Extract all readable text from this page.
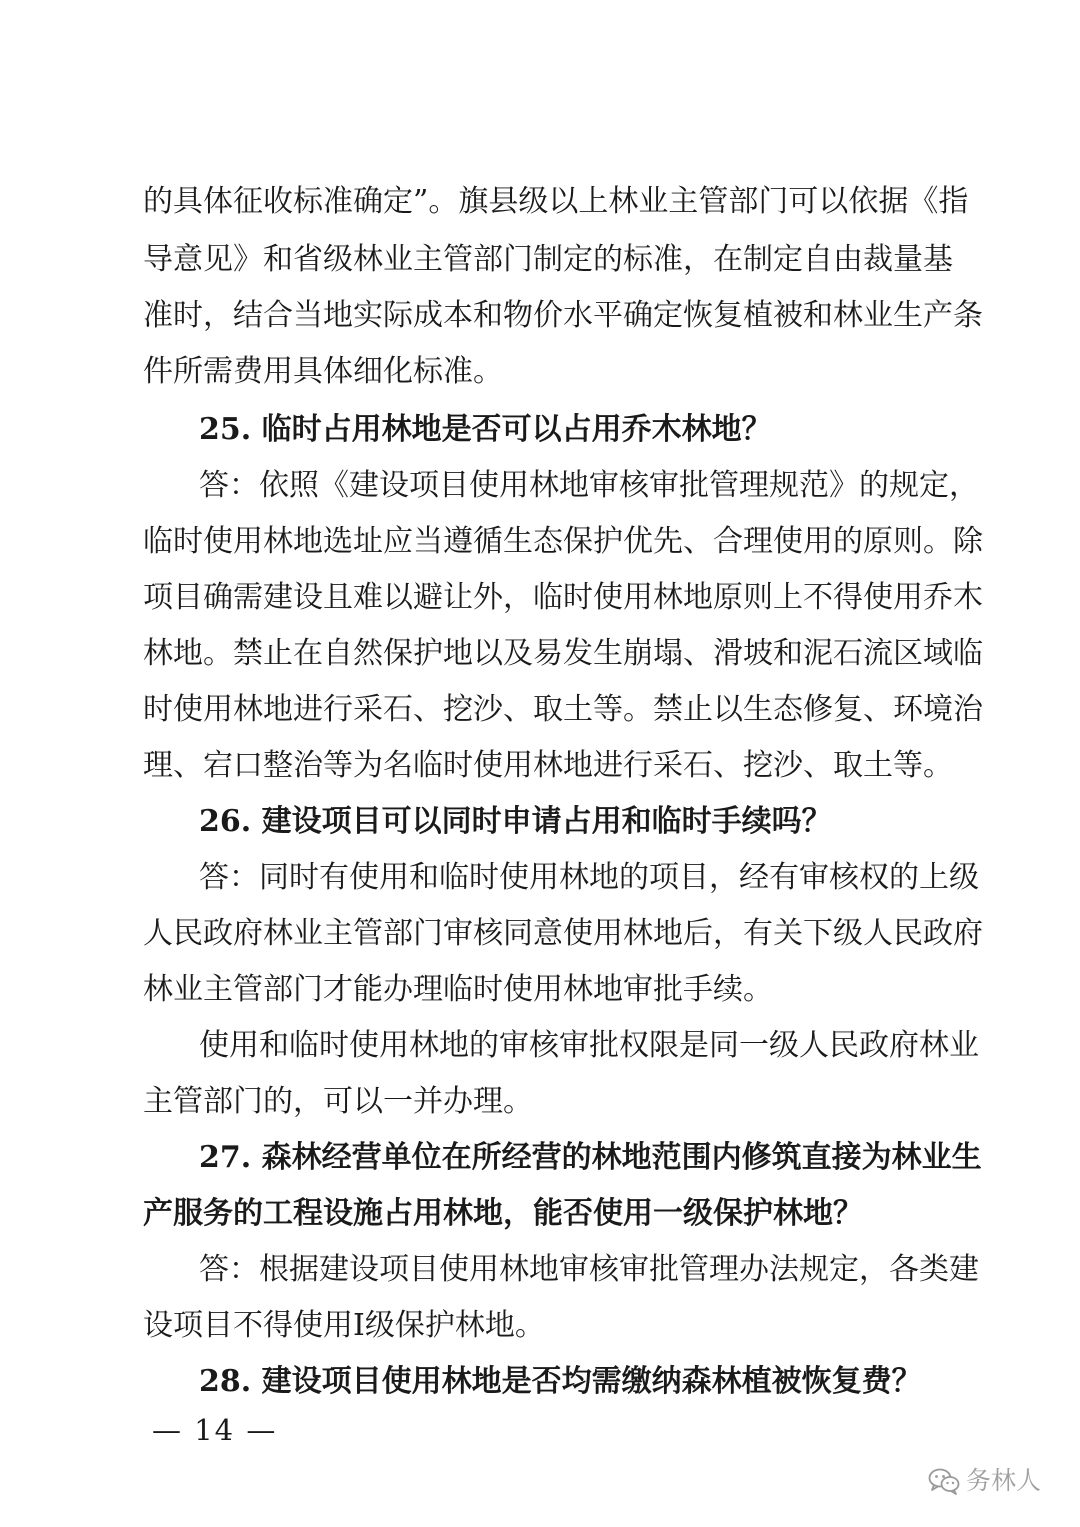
的具体征收标准确定”。旗县级以上林业主管部门可以依据《指
导意见》和省级林业主管部门制定的标准，在制定自由裁量基
准时，结合当地实际成本和物价水平确定恢复植被和林业生产条
件所需费用具体细化标准。
25. 临时占用林地是否可以占用乔木林地？
答：依照《建设项目使用林地审核审批管理规范》的规定，
临时使用林地选址应当遵循生态保护优先、合理使用的原则。除
项目确需建设且难以避让外，临时使用林地原则上不得使用乔木
林地。禁止在自然保护地以及易发生崩塌、滑坡和泥石流区域临
时使用林地进行采石、挖沙、取土等。禁止以生态修复、环境治
理、宕口整治等为名临时使用林地进行采石、挖沙、取土等。
26. 建设项目可以同时申请占用和临时手续吗？
答：同时有使用和临时使用林地的项目，经有审核权的上级
人民政府林业主管部门审核同意使用林地后，有关下级人民政府
林业主管部门才能办理临时使用林地审批手续。
使用和临时使用林地的审核审批权限是同一级人民政府林业
主管部门的，可以一并办理。
27. 森林经营单位在所经营的林地范围内修筑直接为林业生
产服务的工程设施占用林地，能否使用一级保护林地？
答：根据建设项目使用林地审核审批管理办法规定，各类建
设项目不得使用Ⅰ级保护林地。
28. 建设项目使用林地是否均需缴纳森林植被恢复费？
— 14 —
务林人
